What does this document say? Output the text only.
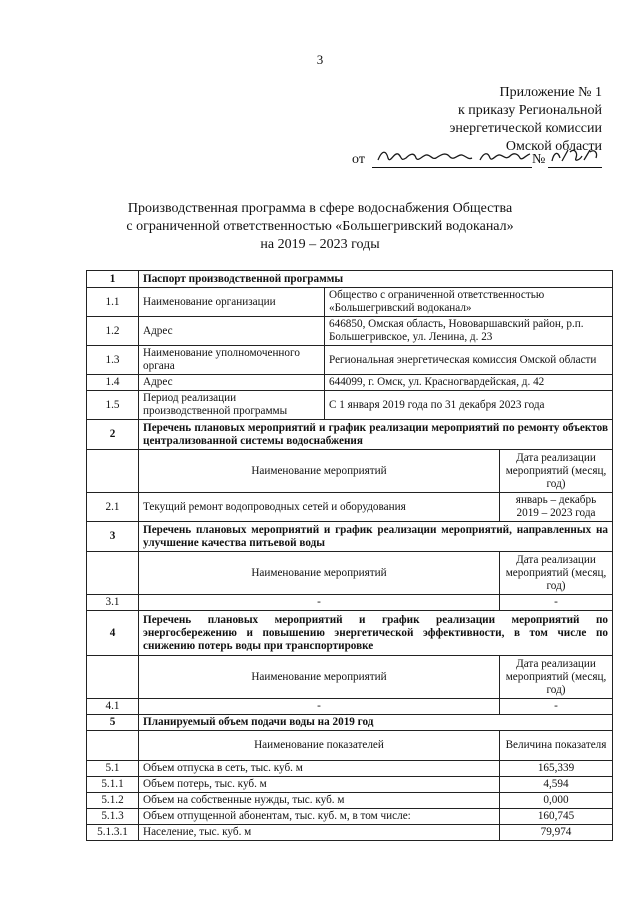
3
Приложение № 1
к приказу Региональной
энергетической комиссии
Омской области
от	№
Производственная программа в сфере водоснабжения Общества
с ограниченной ответственностью «Большегривский водоканал»
на 2019 – 2023 годы
1	Паспорт производственной программы		
1.1	Наименование организации	Общество с ограниченной ответственностью «Большегривский водоканал»	
1.2	Адрес	646850, Омская область, Нововаршавский район, р.п. Большегривское, ул. Ленина, д. 23	
1.3	Наименование уполномоченного органа	Региональная энергетическая комиссия Омской области	
1.4	Адрес	644099, г. Омск, ул. Красногвардейская, д. 42	
1.5	Период реализации производственной программы	С 1 января 2019 года по 31 декабря 2023 года	
2	Перечень плановых мероприятий и график реализации мероприятий по ремонту объектов централизованной системы водоснабжения		
	Наименование мероприятий		Дата реализации мероприятий (месяц, год)
2.1	Текущий ремонт водопроводных сетей и оборудования		январь – декабрь 2019 – 2023 года
3	Перечень плановых мероприятий и график реализации мероприятий, направленных на улучшение качества питьевой воды		
	Наименование мероприятий		Дата реализации мероприятий (месяц, год)
3.1	-		-
4	Перечень плановых мероприятий и график реализации мероприятий по энергосбережению и повышению энергетической эффективности, в том числе по снижению потерь воды при транспортировке		
	Наименование мероприятий		Дата реализации мероприятий (месяц, год)
4.1	-		-
5	Планируемый объем подачи воды на 2019 год		
	Наименование показателей		Величина показателя
5.1	Объем отпуска в сеть, тыс. куб. м		165,339
5.1.1	Объем потерь, тыс. куб. м		4,594
5.1.2	Объем на собственные нужды, тыс. куб. м		0,000
5.1.3	Объем отпущенной абонентам, тыс. куб. м, в том числе:		160,745
5.1.3.1	Население, тыс. куб. м		79,974
